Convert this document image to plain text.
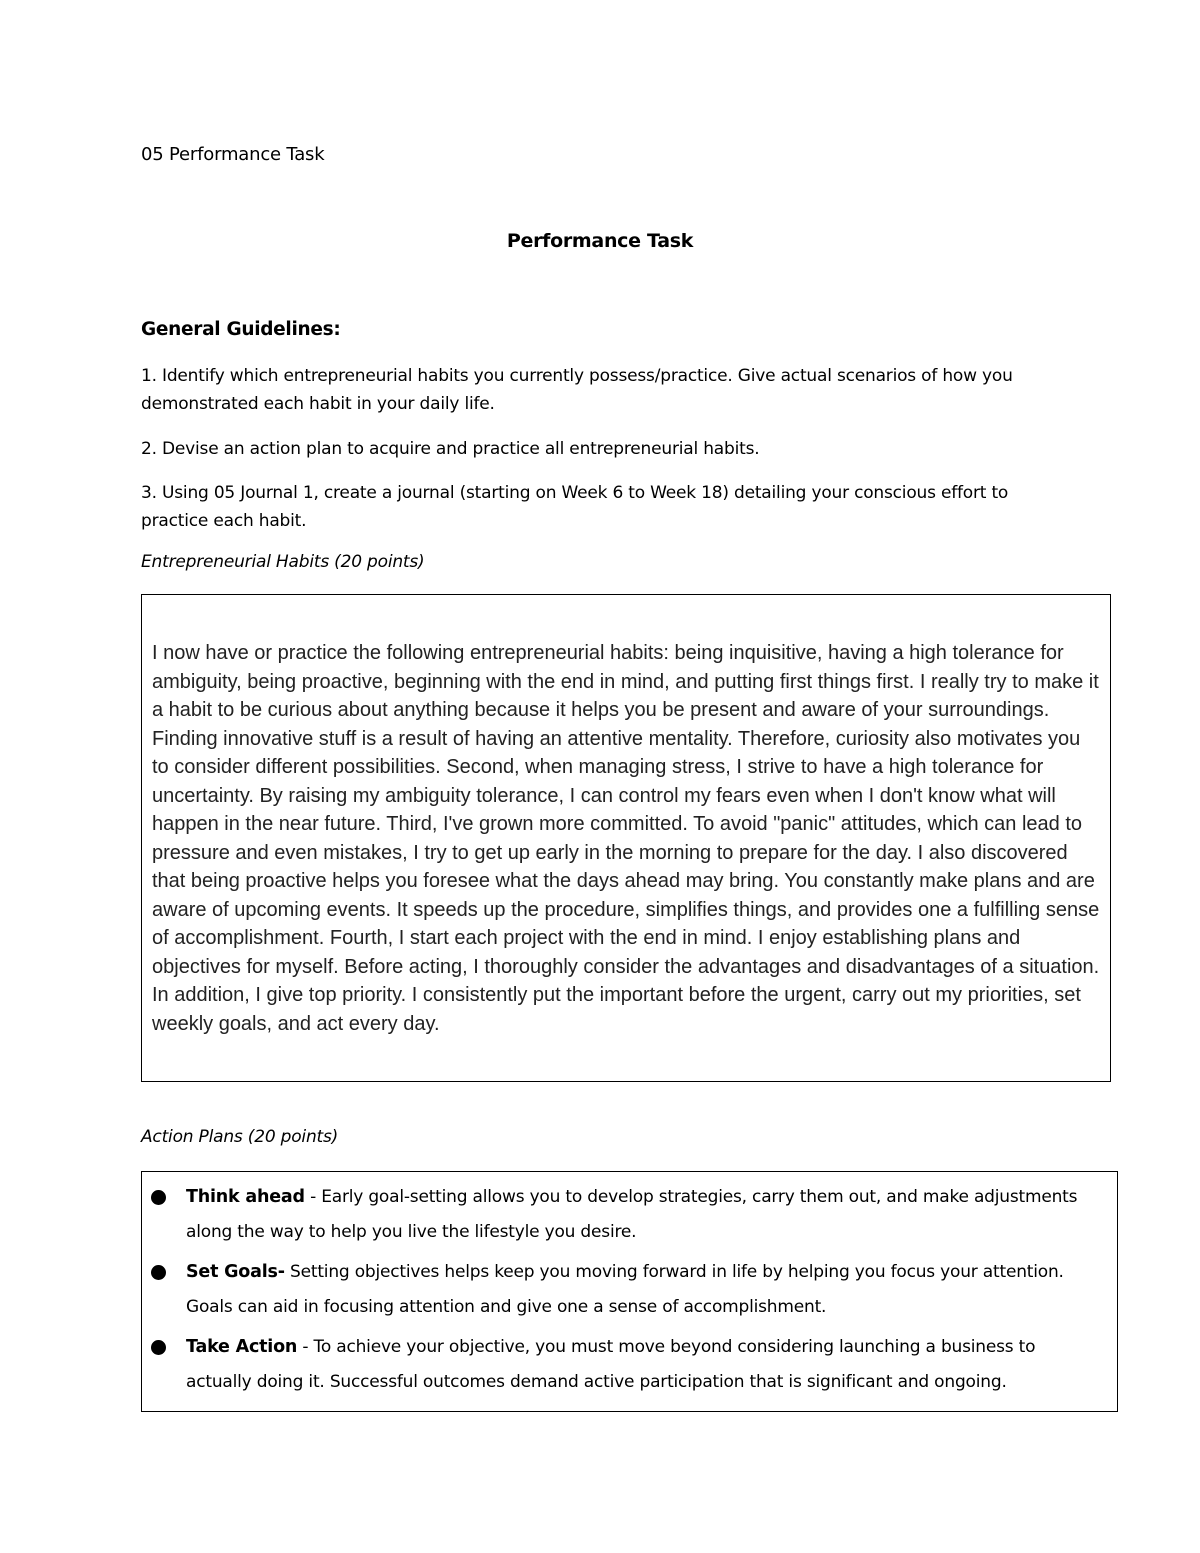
05 Performance Task
Performance Task
General Guidelines:
1. Identify which entrepreneurial habits you currently possess/practice. Give actual scenarios of how you demonstrated each habit in your daily life.
2. Devise an action plan to acquire and practice all entrepreneurial habits.
3. Using 05 Journal 1, create a journal (starting on Week 6 to Week 18) detailing your conscious effort to practice each habit.
Entrepreneurial Habits (20 points)
I now have or practice the following entrepreneurial habits: being inquisitive, having a high tolerance for ambiguity, being proactive, beginning with the end in mind, and putting first things first. I really try to make it a habit to be curious about anything because it helps you be present and aware of your surroundings. Finding innovative stuff is a result of having an attentive mentality. Therefore, curiosity also motivates you to consider different possibilities. Second, when managing stress, I strive to have a high tolerance for uncertainty. By raising my ambiguity tolerance, I can control my fears even when I don't know what will happen in the near future. Third, I've grown more committed. To avoid "panic" attitudes, which can lead to pressure and even mistakes, I try to get up early in the morning to prepare for the day. I also discovered that being proactive helps you foresee what the days ahead may bring. You constantly make plans and are aware of upcoming events. It speeds up the procedure, simplifies things, and provides one a fulfilling sense of accomplishment. Fourth, I start each project with the end in mind. I enjoy establishing plans and objectives for myself. Before acting, I thoroughly consider the advantages and disadvantages of a situation. In addition, I give top priority. I consistently put the important before the urgent, carry out my priorities, set weekly goals, and act every day.
Action Plans (20 points)
Think ahead - Early goal-setting allows you to develop strategies, carry them out, and make adjustments along the way to help you live the lifestyle you desire.
Set Goals- Setting objectives helps keep you moving forward in life by helping you focus your attention. Goals can aid in focusing attention and give one a sense of accomplishment.
Take Action - To achieve your objective, you must move beyond considering launching a business to actually doing it. Successful outcomes demand active participation that is significant and ongoing.
